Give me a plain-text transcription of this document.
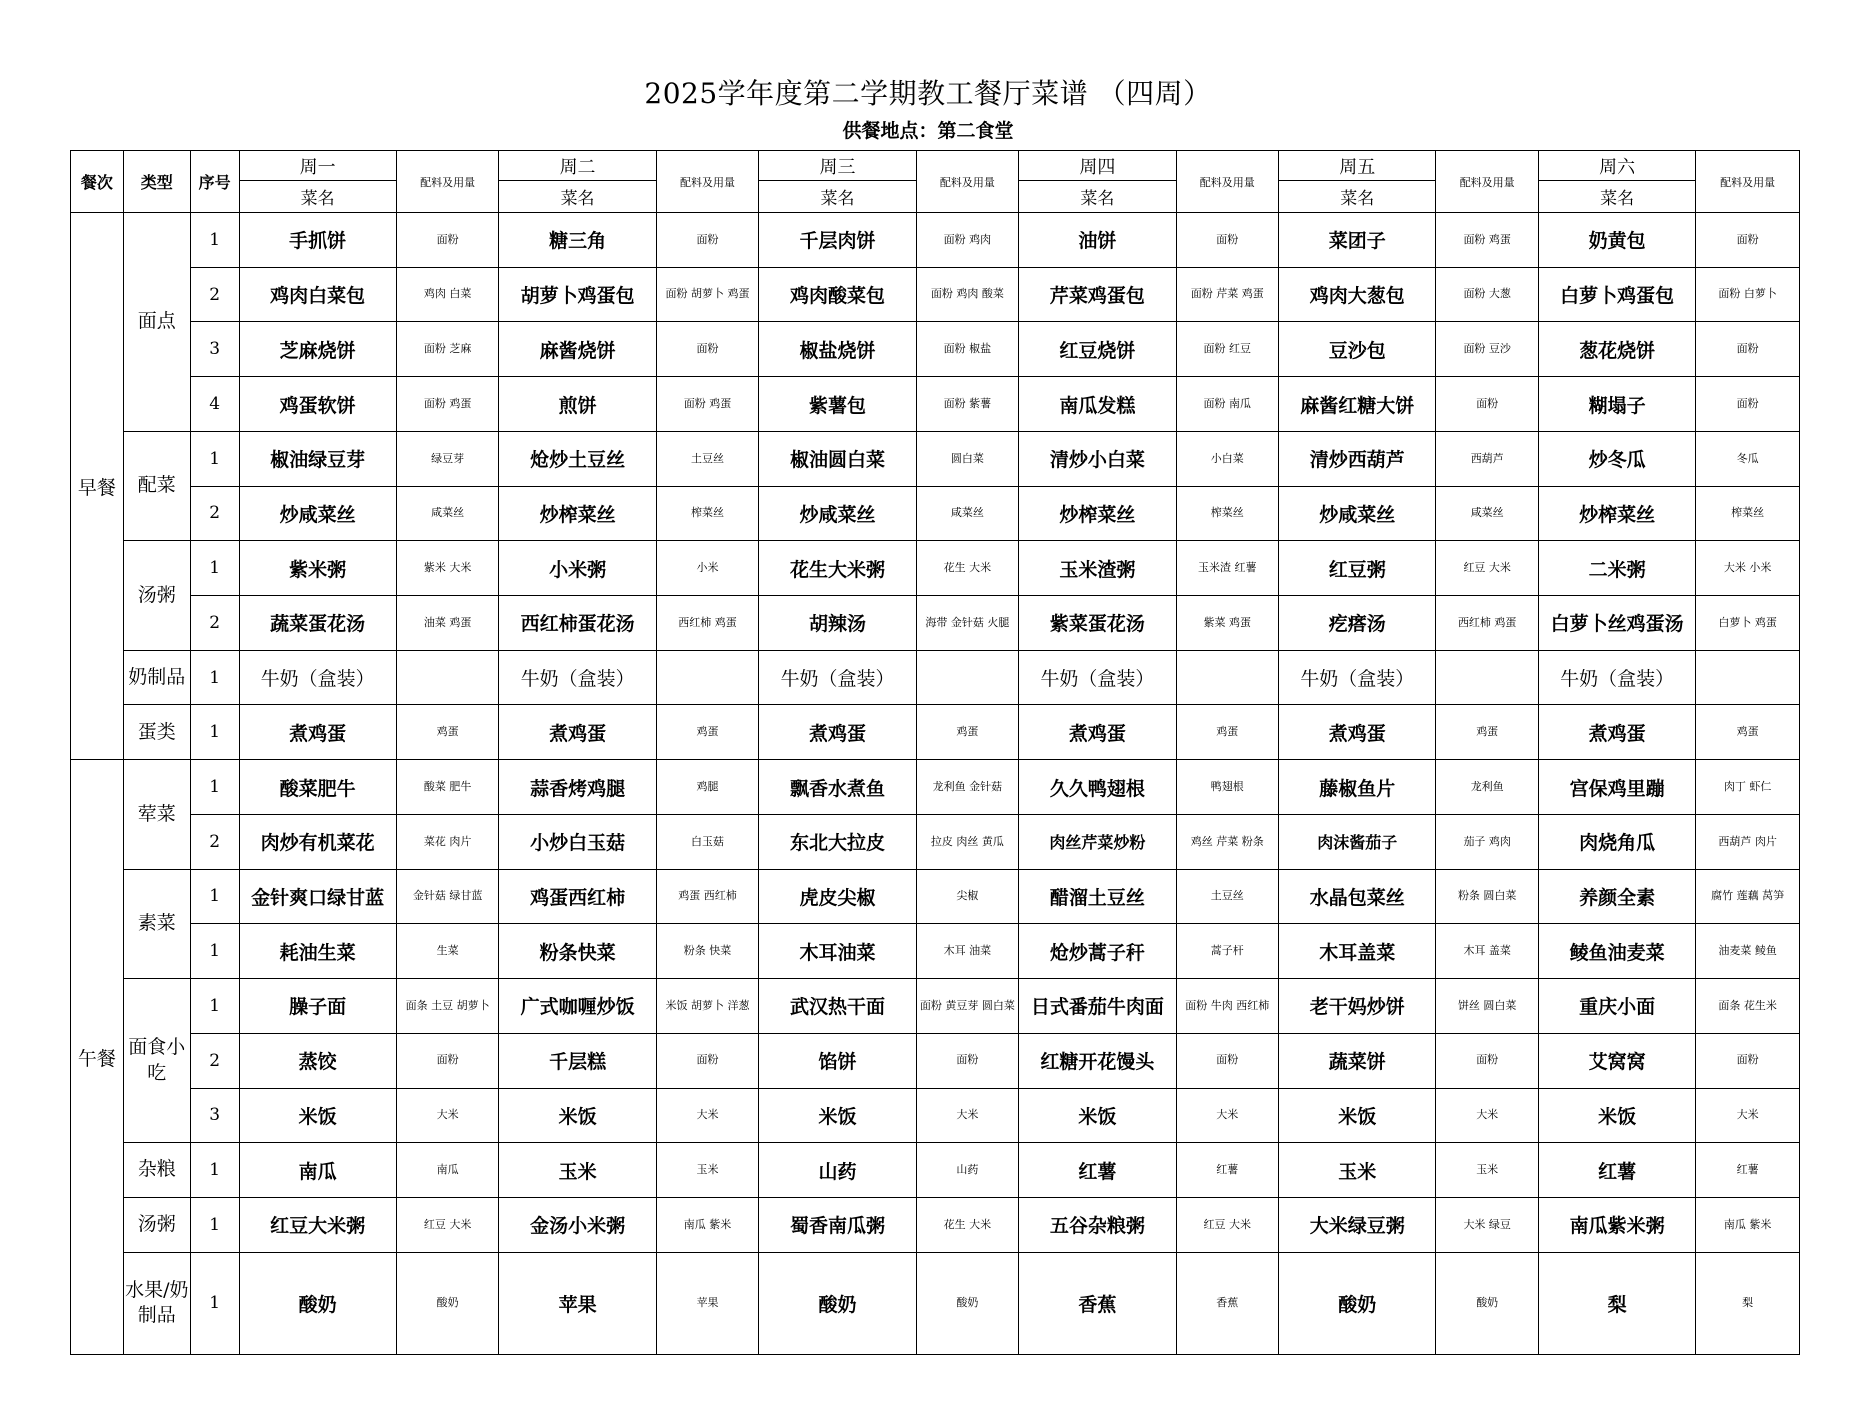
2025学年度第二学期教工餐厅菜谱 （四周）
供餐地点：第二食堂
餐次	类型	序号	周一	配料及用量	周二	配料及用量	周三	配料及用量	周四	配料及用量	周五	配料及用量	周六	配料及用量
			菜名		菜名		菜名		菜名		菜名		菜名	
早餐	面点	1	手抓饼	面粉	糖三角	面粉	千层肉饼	面粉 鸡肉	油饼	面粉	菜团子	面粉 鸡蛋	奶黄包	面粉
		2	鸡肉白菜包	鸡肉 白菜	胡萝卜鸡蛋包	面粉 胡萝卜 鸡蛋	鸡肉酸菜包	面粉 鸡肉 酸菜	芹菜鸡蛋包	面粉 芹菜 鸡蛋	鸡肉大葱包	面粉 大葱	白萝卜鸡蛋包	面粉 白萝卜
		3	芝麻烧饼	面粉 芝麻	麻酱烧饼	面粉	椒盐烧饼	面粉 椒盐	红豆烧饼	面粉 红豆	豆沙包	面粉 豆沙	葱花烧饼	面粉
		4	鸡蛋软饼	面粉 鸡蛋	煎饼	面粉 鸡蛋	紫薯包	面粉 紫薯	南瓜发糕	面粉 南瓜	麻酱红糖大饼	面粉	糊塌子	面粉
	配菜	1	椒油绿豆芽	绿豆芽	炝炒土豆丝	土豆丝	椒油圆白菜	圆白菜	清炒小白菜	小白菜	清炒西葫芦	西葫芦	炒冬瓜	冬瓜
		2	炒咸菜丝	咸菜丝	炒榨菜丝	榨菜丝	炒咸菜丝	咸菜丝	炒榨菜丝	榨菜丝	炒咸菜丝	咸菜丝	炒榨菜丝	榨菜丝
	汤粥	1	紫米粥	紫米 大米	小米粥	小米	花生大米粥	花生 大米	玉米渣粥	玉米渣 红薯	红豆粥	红豆 大米	二米粥	大米 小米
		2	蔬菜蛋花汤	油菜 鸡蛋	西红柿蛋花汤	西红柿 鸡蛋	胡辣汤	海带 金针菇 火腿	紫菜蛋花汤	紫菜 鸡蛋	疙瘩汤	西红柿 鸡蛋	白萝卜丝鸡蛋汤	白萝卜 鸡蛋
	奶制品	1	牛奶（盒装）		牛奶（盒装）		牛奶（盒装）		牛奶（盒装）		牛奶（盒装）		牛奶（盒装）	
	蛋类	1	煮鸡蛋	鸡蛋	煮鸡蛋	鸡蛋	煮鸡蛋	鸡蛋	煮鸡蛋	鸡蛋	煮鸡蛋	鸡蛋	煮鸡蛋	鸡蛋
午餐	荤菜	1	酸菜肥牛	酸菜 肥牛	蒜香烤鸡腿	鸡腿	飘香水煮鱼	龙利鱼 金针菇	久久鸭翅根	鸭翅根	藤椒鱼片	龙利鱼	宫保鸡里蹦	肉丁 虾仁
		2	肉炒有机菜花	菜花 肉片	小炒白玉菇	白玉菇	东北大拉皮	拉皮 肉丝 黄瓜	肉丝芹菜炒粉	鸡丝 芹菜 粉条	肉沫酱茄子	茄子 鸡肉	肉烧角瓜	西葫芦 肉片
	素菜	1	金针爽口绿甘蓝	金针菇 绿甘蓝	鸡蛋西红柿	鸡蛋 西红柿	虎皮尖椒	尖椒	醋溜土豆丝	土豆丝	水晶包菜丝	粉条 圆白菜	养颜全素	腐竹 莲藕 莴笋
		1	耗油生菜	生菜	粉条快菜	粉条 快菜	木耳油菜	木耳 油菜	炝炒蒿子秆	蒿子杆	木耳盖菜	木耳 盖菜	鲮鱼油麦菜	油麦菜 鲮鱼
	面食小吃	1	臊子面	面条 土豆 胡萝卜	广式咖喱炒饭	米饭 胡萝卜 洋葱	武汉热干面	面粉 黄豆芽 圆白菜	日式番茄牛肉面	面粉 牛肉 西红柿	老干妈炒饼	饼丝 圆白菜	重庆小面	面条 花生米
		2	蒸饺	面粉	千层糕	面粉	馅饼	面粉	红糖开花馒头	面粉	蔬菜饼	面粉	艾窝窝	面粉
		3	米饭	大米	米饭	大米	米饭	大米	米饭	大米	米饭	大米	米饭	大米
	杂粮	1	南瓜	南瓜	玉米	玉米	山药	山药	红薯	红薯	玉米	玉米	红薯	红薯
	汤粥	1	红豆大米粥	红豆 大米	金汤小米粥	南瓜 紫米	蜀香南瓜粥	花生 大米	五谷杂粮粥	红豆 大米	大米绿豆粥	大米 绿豆	南瓜紫米粥	南瓜 紫米
	水果/奶制品	1	酸奶	酸奶	苹果	苹果	酸奶	酸奶	香蕉	香蕉	酸奶	酸奶	梨	梨
